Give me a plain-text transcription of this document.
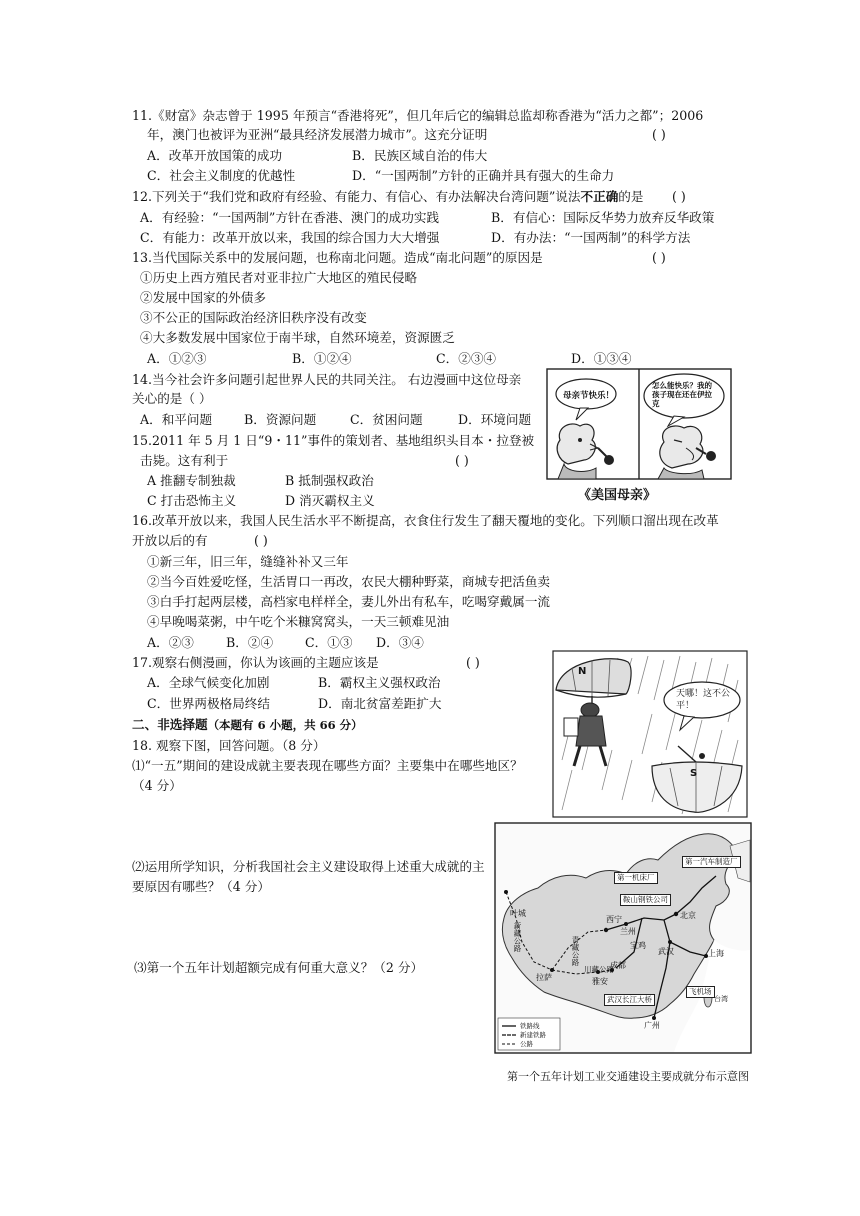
11.《财富》杂志曾于 1995 年预言“香港将死”，但几年后它的编辑总监却称香港为“活力之都”；2006
年，澳门也被评为亚洲“最具经济发展潜力城市”。这充分证明	( )
A．改革开放国策的成功	B．民族区域自治的伟大
C．社会主义制度的优越性	D．“一国两制”方针的正确并具有强大的生命力
12.下列关于“我们党和政府有经验、有能力、有信心、有办法解决台湾问题”说法不正确的是 ( )
A．有经验：“一国两制”方针在香港、澳门的成功实践	B．有信心：国际反华势力放弃反华政策
C．有能力：改革开放以来，我国的综合国力大大增强	D．有办法：“一国两制”的科学方法
13.当代国际关系中的发展问题，也称南北问题。造成“南北问题”的原因是	( )
①历史上西方殖民者对亚非拉广大地区的殖民侵略
②发展中国家的外债多
③不公正的国际政治经济旧秩序没有改变
④大多数发展中国家位于南半球，自然环境差，资源匮乏
A．①②③	B．①②④	C．②③④	D．①③④
14.当今社会许多问题引起世界人民的共同关注。 右边漫画中这位母亲
关心的是（ ）
A．和平问题	B．资源问题	C．贫困问题	D．环境问题
15.2011 年 5 月 1 日“9・11”事件的策划者、基地组织头目本・拉登被
击毙。这有利于	( )
A 推翻专制独裁	B 抵制强权政治
C 打击恐怖主义	D 消灭霸权主义
16.改革开放以来，我国人民生活水平不断提高，衣食住行发生了翻天覆地的变化。下列顺口溜出现在改革
开放以后的有	( )
①新三年，旧三年，缝缝补补又三年
②当今百姓爱吃怪，生活胃口一再改，农民大棚种野菜，商城专把活鱼卖
③白手打起两层楼，高档家电样样全，妻儿外出有私车，吃喝穿戴属一流
④早晚喝菜粥，中午吃个米糠窝窝头，一天三顿难见油
A．②③	B．②④	C．①③ D．③④
17.观察右侧漫画，你认为该画的主题应该是	( )
A．全球气候变化加剧	B．霸权主义强权政治
C．世界两极格局终结	D．南北贫富差距扩大
二、非选择题（本题有 6 小题，共 66 分）
18. 观察下图，回答问题。（8 分）
⑴“一五”期间的建设成就主要表现在哪些方面？主要集中在哪些地区？
（4 分）
⑵运用所学知识，分析我国社会主义建设取得上述重大成就的主
要原因有哪些？（4 分）
⑶第一个五年计划超额完成有何重大意义？（2 分）
母亲节快乐！
怎么能快乐？我的孩子现在还在伊拉克
《美国母亲》
N
S
天哪！这不公平！
第一汽车制造厂
第一机床厂
鞍山钢铁公司
武汉长江大桥
飞机场
叶城
新藏公路	青藏公路
川藏公路
拉萨
西宁
兰州
宝鸡
北京
武汉
成都
雅安
上海
广州
台湾
铁路线
新建铁路
公路
第一个五年计划工业交通建设主要成就分布示意图
